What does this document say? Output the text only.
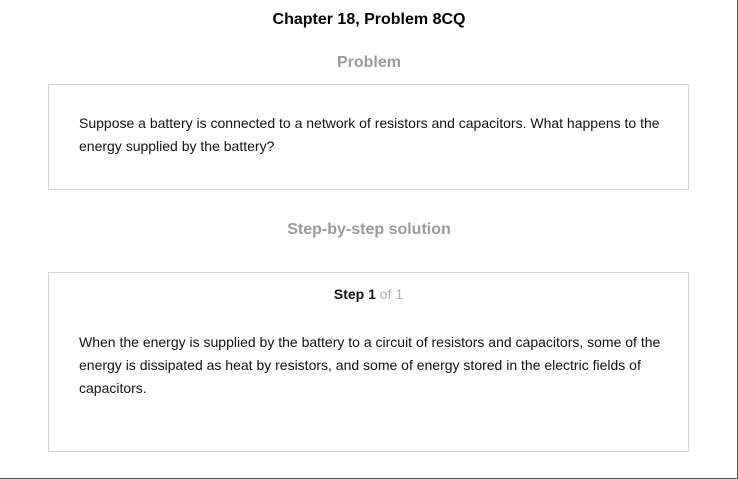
Chapter 18, Problem 8CQ
Problem
Suppose a battery is connected to a network of resistors and capacitors. What happens to the energy supplied by the battery?
Step-by-step solution
Step 1 of 1
When the energy is supplied by the battery to a circuit of resistors and capacitors, some of the energy is dissipated as heat by resistors, and some of energy stored in the electric fields of capacitors.
